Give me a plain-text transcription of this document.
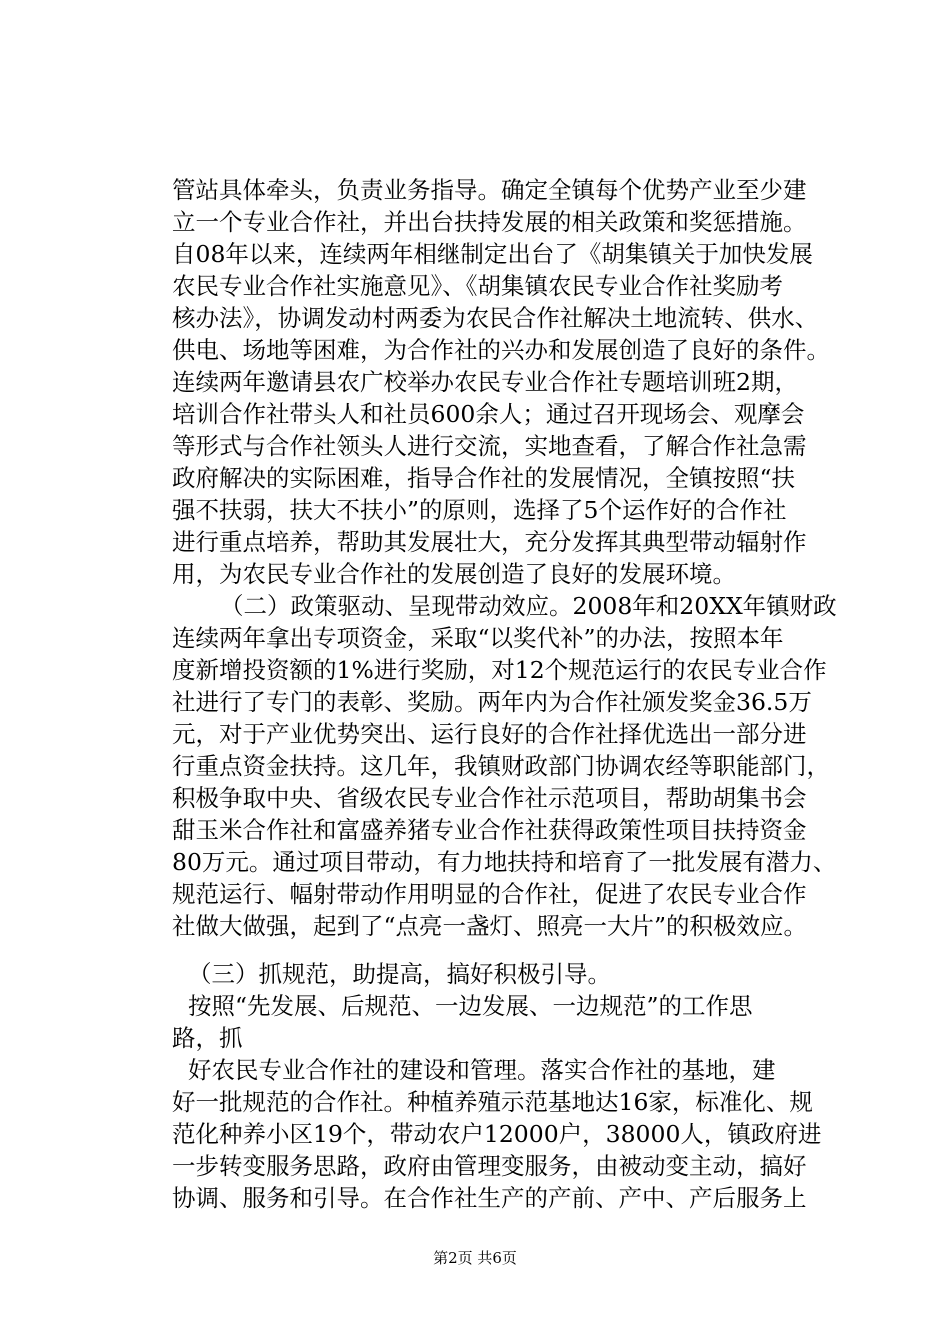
管站具体牵头，负责业务指导。确定全镇每个优势产业至少建
立一个专业合作社，并出台扶持发展的相关政策和奖惩措施。
自08年以来，连续两年相继制定出台了《胡集镇关于加快发展
农民专业合作社实施意见》、《胡集镇农民专业合作社奖励考
核办法》，协调发动村两委为农民合作社解决土地流转、供水、
供电、场地等困难，为合作社的兴办和发展创造了良好的条件。
连续两年邀请县农广校举办农民专业合作社专题培训班2期，
培训合作社带头人和社员600余人；通过召开现场会、观摩会
等形式与合作社领头人进行交流，实地查看，了解合作社急需
政府解决的实际困难，指导合作社的发展情况，全镇按照“扶
强不扶弱，扶大不扶小”的原则，选择了5个运作好的合作社
进行重点培养，帮助其发展壮大，充分发挥其典型带动辐射作
用，为农民专业合作社的发展创造了良好的发展环境。
（二）政策驱动、呈现带动效应。2008年和20XX年镇财政
连续两年拿出专项资金，采取“以奖代补”的办法，按照本年
度新增投资额的1%进行奖励，对12个规范运行的农民专业合作
社进行了专门的表彰、奖励。两年内为合作社颁发奖金36.5万
元，对于产业优势突出、运行良好的合作社择优选出一部分进
行重点资金扶持。这几年，我镇财政部门协调农经等职能部门，
积极争取中央、省级农民专业合作社示范项目，帮助胡集书会
甜玉米合作社和富盛养猪专业合作社获得政策性项目扶持资金
80万元。通过项目带动，有力地扶持和培育了一批发展有潜力、
规范运行、幅射带动作用明显的合作社，促进了农民专业合作
社做大做强，起到了“点亮一盏灯、照亮一大片”的积极效应。
（三）抓规范，助提高，搞好积极引导。
按照“先发展、后规范、一边发展、一边规范”的工作思
路，抓
好农民专业合作社的建设和管理。落实合作社的基地，建
好一批规范的合作社。种植养殖示范基地达16家，标准化、规
范化种养小区19个，带动农户12000户，38000人，镇政府进
一步转变服务思路，政府由管理变服务，由被动变主动，搞好
协调、服务和引导。在合作社生产的产前、产中、产后服务上
第2页 共6页
